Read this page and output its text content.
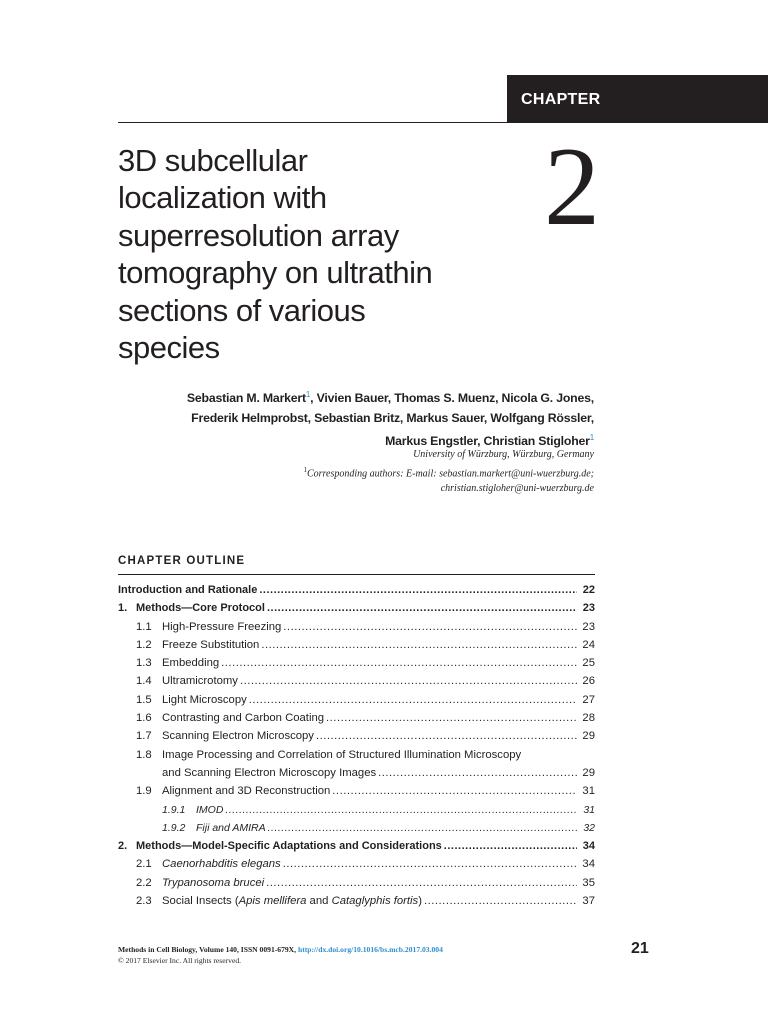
CHAPTER
2
3D subcellular
localization with
superresolution array
tomography on ultrathin
sections of various
species
Sebastian M. Markert$^1$, Vivien Bauer, Thomas S. Muenz, Nicola G. Jones,
Frederik Helmprobst, Sebastian Britz, Markus Sauer, Wolfgang Rössler,
Markus Engstler, Christian Stigloher$^1$
University of Würzburg, Würzburg, Germany
$^1$Corresponding authors: E-mail: sebastian.markert@uni-wuerzburg.de;
christian.stigloher@uni-wuerzburg.de
CHAPTER OUTLINE
Introduction and Rationale .....	22
1. Methods—Core Protocol .....	23
1.1 High-Pressure Freezing .....	23
1.2 Freeze Substitution .....	24
1.3 Embedding .....	25
1.4 Ultramicrotomy .....	26
1.5 Light Microscopy .....	27
1.6 Contrasting and Carbon Coating .....	28
1.7 Scanning Electron Microscopy .....	29
1.8 Image Processing and Correlation of Structured Illumination Microscopy
and Scanning Electron Microscopy Images .....	29
1.9 Alignment and 3D Reconstruction .....	31
1.9.1	IMOD .....	31
1.9.2	Fiji and AMIRA .....	32
2. Methods—Model-Specific Adaptations and Considerations .....	34
2.1 Caenorhabditis elegans .....	34
2.2 Trypanosoma brucei .....	35
2.3 Social Insects (Apis mellifera and Cataglyphis fortis) .....	37
Methods in Cell Biology, Volume 140, ISSN 0091-679X, http://dx.doi.org/10.1016/bs.mcb.2017.03.004
© 2017 Elsevier Inc. All rights reserved.
21
